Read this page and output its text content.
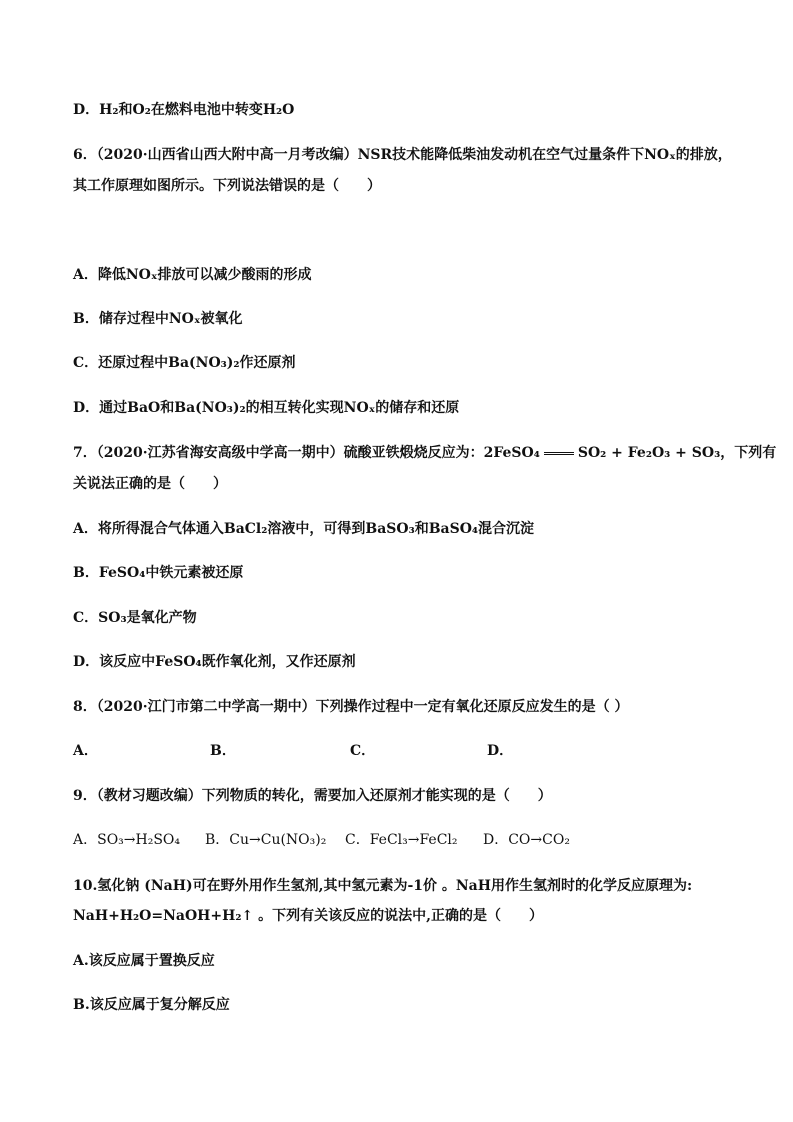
D．H₂和O₂在燃料电池中转变H₂O
6．（2020·山西省山西大附中高一月考改编）NSR技术能降低柴油发动机在空气过量条件下NOₓ的排放，
其工作原理如图所示。下列说法错误的是（　　）
A．降低NOₓ排放可以减少酸雨的形成
B．储存过程中NOₓ被氧化
C．还原过程中Ba(NO₃)₂作还原剂
D．通过BaO和Ba(NO₃)₂的相互转化实现NOₓ的储存和还原
7．（2020·江苏省海安高级中学高一期中）硫酸亚铁煅烧反应为：2FeSO₄	SO₂ + Fe₂O₃ + SO₃，下列有
关说法正确的是（　　）
A．将所得混合气体通入BaCl₂溶液中，可得到BaSO₃和BaSO₄混合沉淀
B．FeSO₄中铁元素被还原
C．SO₃是氧化产物
D．该反应中FeSO₄既作氧化剂，又作还原剂
8．（2020·江门市第二中学高一期中）下列操作过程中一定有氧化还原反应发生的是（ ）
A．	B．	C．	D．
9．（教材习题改编）下列物质的转化，需要加入还原剂才能实现的是（　　）
A．SO₃→H₂SO₄ B．Cu→Cu(NO₃)₂ C．FeCl₃→FeCl₂ D．CO→CO₂
10.氢化钠 (NaH)可在野外用作生氢剂,其中氢元素为-1价 。NaH用作生氢剂时的化学反应原理为:
NaH+H₂O=NaOH+H₂↑ 。下列有关该反应的说法中,正确的是（　　）
A.该反应属于置换反应
B.该反应属于复分解反应
